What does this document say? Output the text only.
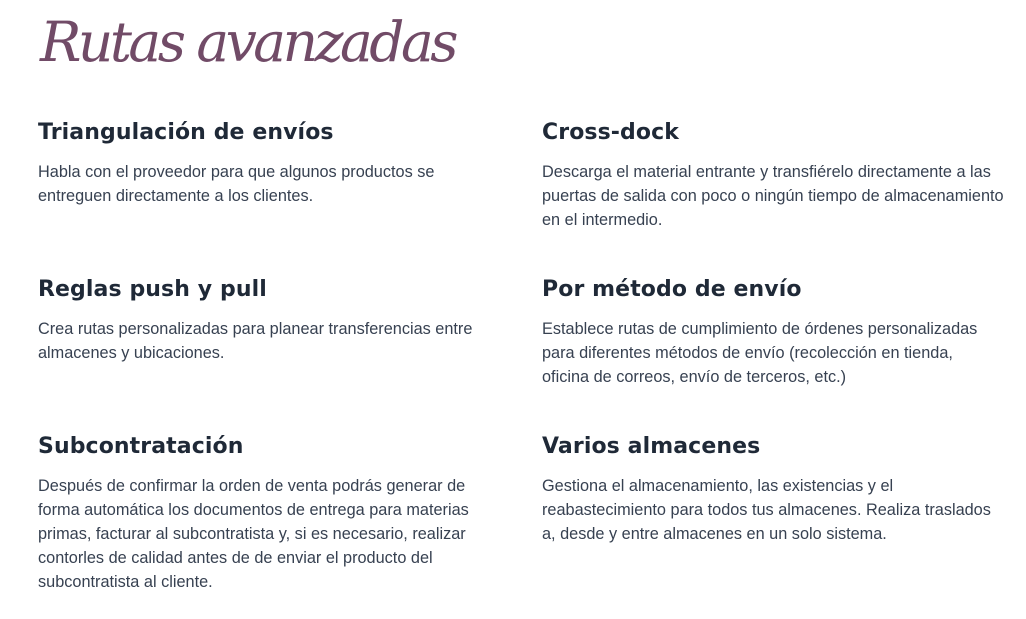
Rutas avanzadas
Triangulación de envíos

Habla con el proveedor para que algunos productos se entreguen directamente a los clientes.

Cross-dock

Descarga el material entrante y transfiérelo directamente a las puertas de salida con poco o ningún tiempo de almacenamiento en el intermedio.

Reglas push y pull

Crea rutas personalizadas para planear transferencias entre almacenes y ubicaciones.

Por método de envío

Establece rutas de cumplimiento de órdenes personalizadas para diferentes métodos de envío (recolección en tienda, oficina de correos, envío de terceros, etc.)

Subcontratación

Después de confirmar la orden de venta podrás generar de forma automática los documentos de entrega para materias primas, facturar al subcontratista y, si es necesario, realizar contorles de calidad antes de de enviar el producto del subcontratista al cliente.

Varios almacenes

Gestiona el almacenamiento, las existencias y el reabastecimiento para todos tus almacenes. Realiza traslados a, desde y entre almacenes en un solo sistema.
